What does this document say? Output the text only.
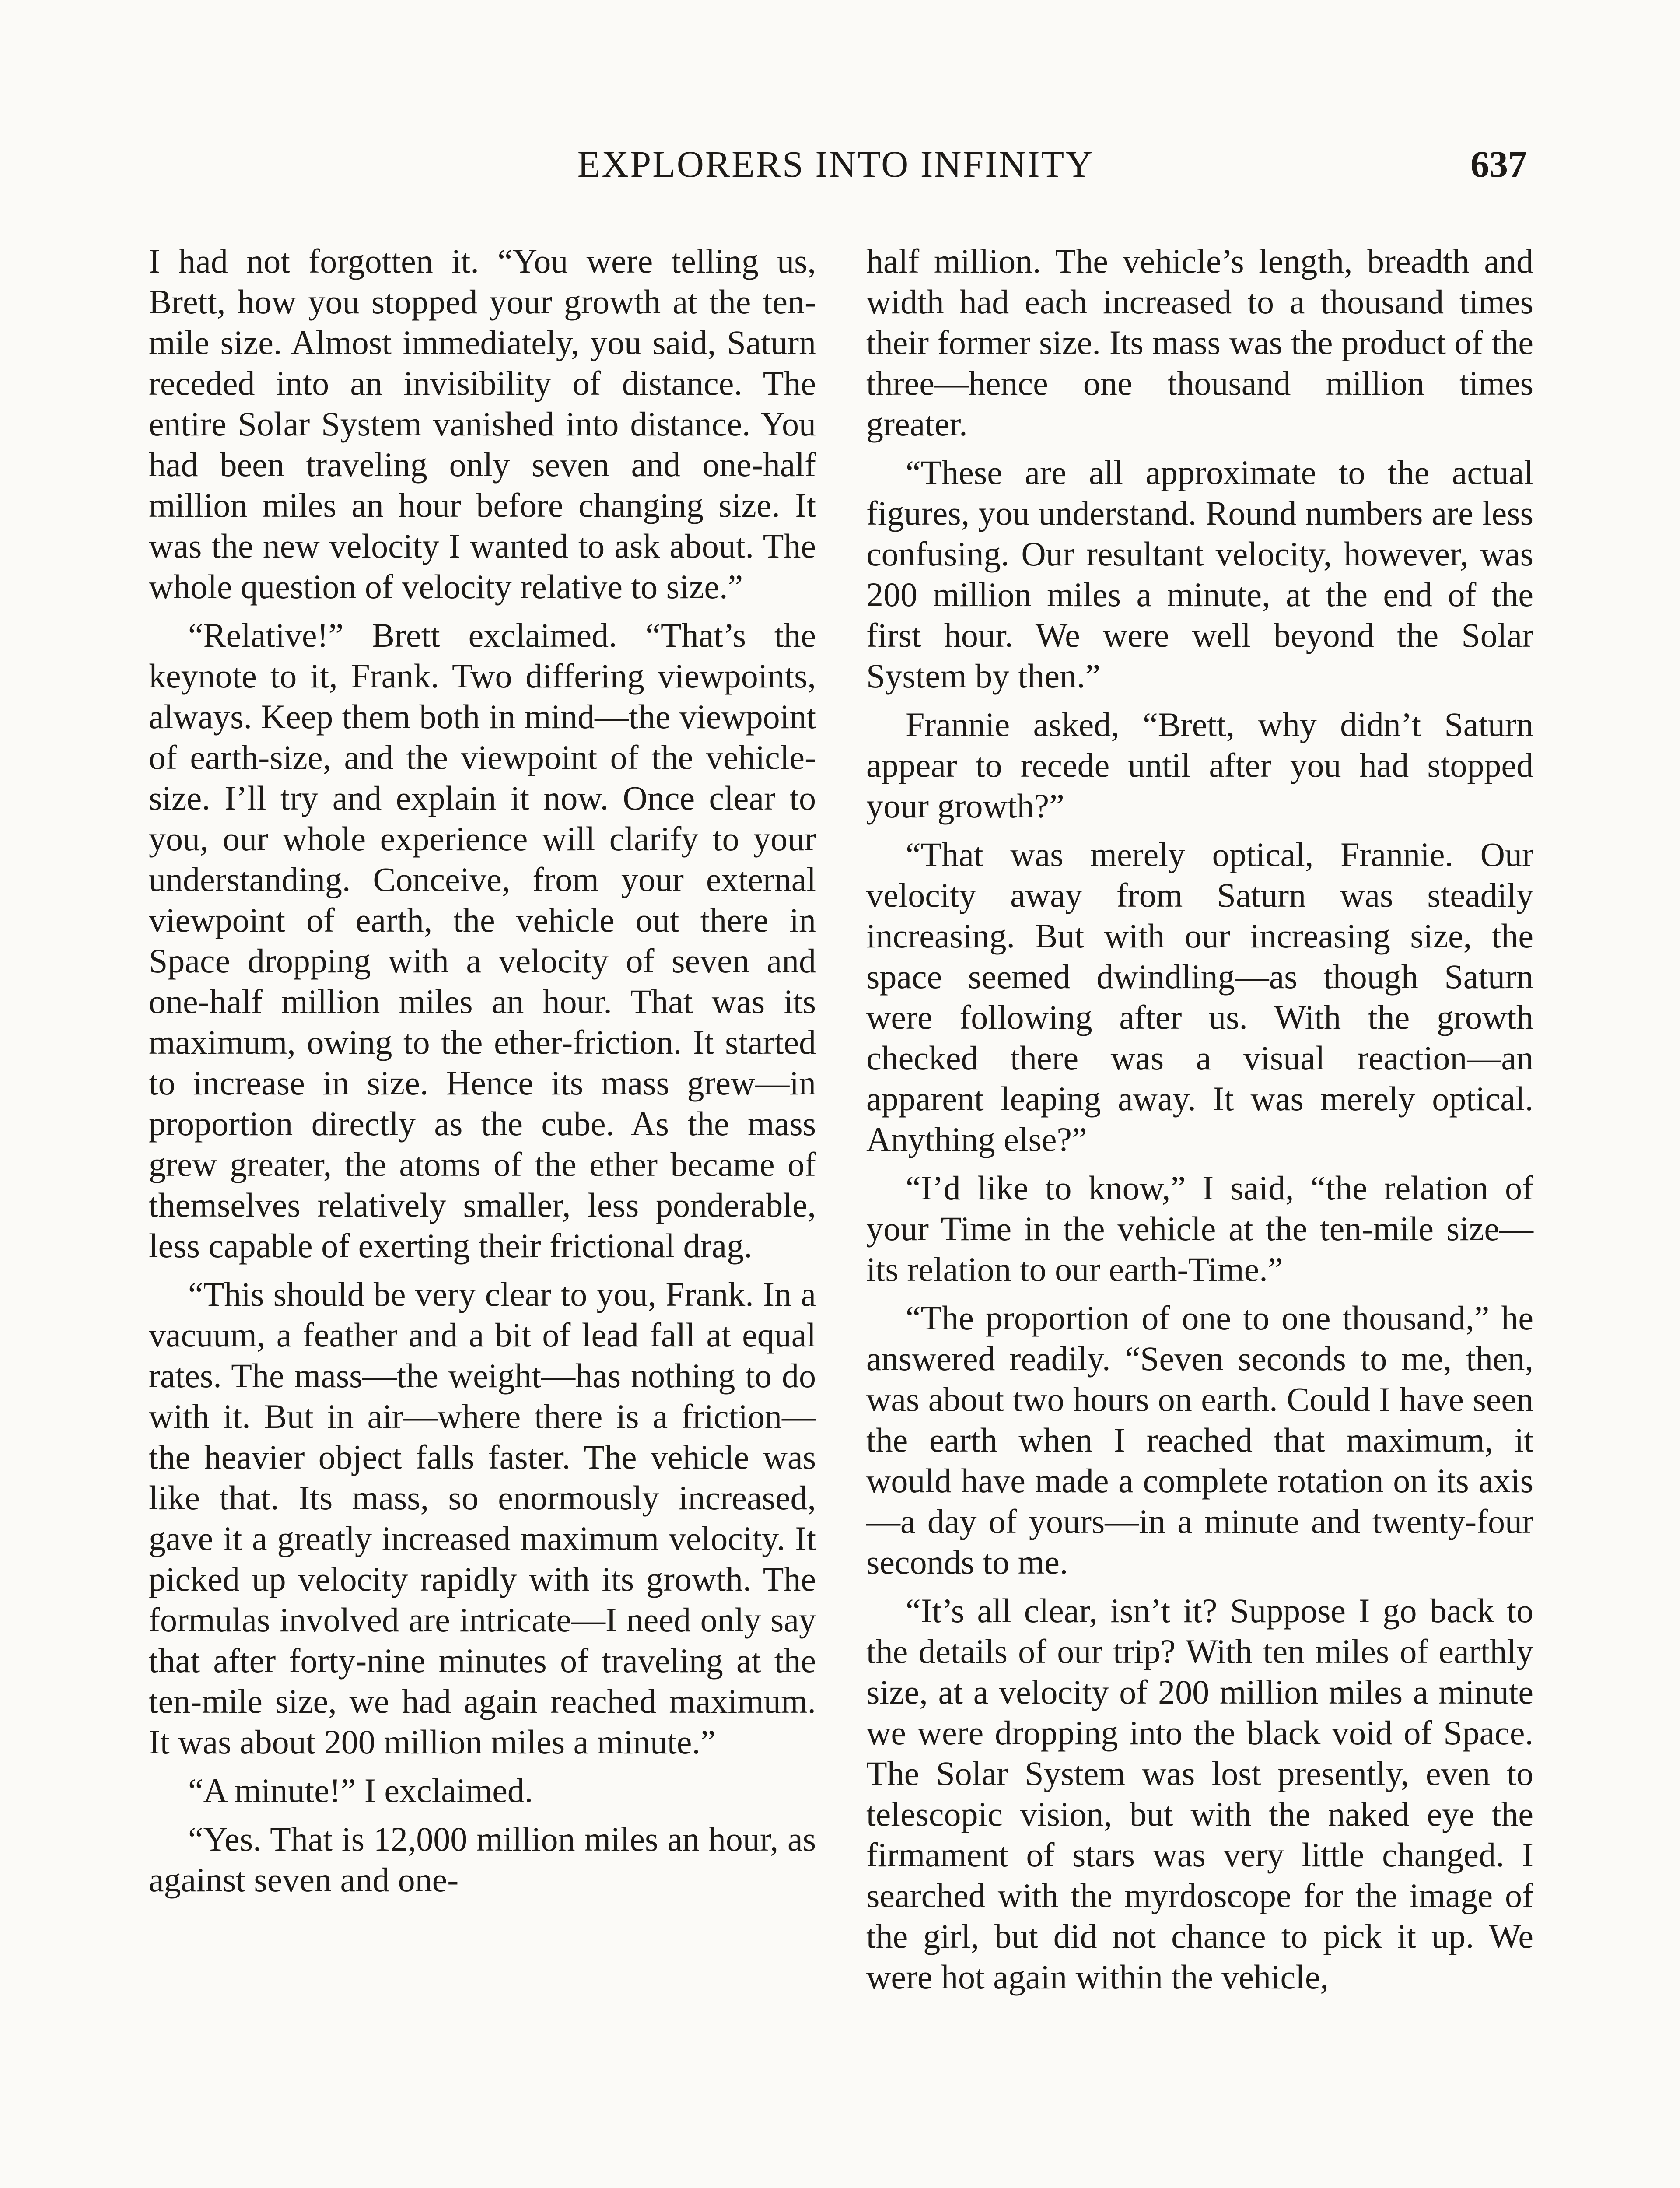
EXPLORERS INTO INFINITY	637

I had not forgotten it. “You were telling us, Brett, how you stopped your growth at the ten-mile size. Almost immediately, you said, Saturn receded into an invisibility of distance. The entire Solar System vanished into distance. You had been traveling only seven and one-half million miles an hour before changing size. It was the new velocity I wanted to ask about. The whole question of velocity relative to size.”

“Relative!” Brett exclaimed. “That’s the keynote to it, Frank. Two differing viewpoints, always. Keep them both in mind—the viewpoint of earth-size, and the viewpoint of the vehicle-size. I’ll try and explain it now. Once clear to you, our whole experience will clarify to your understanding. Conceive, from your external viewpoint of earth, the vehicle out there in Space dropping with a velocity of seven and one-half million miles an hour. That was its maximum, owing to the ether-friction. It started to increase in size. Hence its mass grew—in proportion directly as the cube. As the mass grew greater, the atoms of the ether became of themselves relatively smaller, less ponderable, less capable of exerting their frictional drag.

“This should be very clear to you, Frank. In a vacuum, a feather and a bit of lead fall at equal rates. The mass—the weight—has nothing to do with it. But in air—where there is a friction—the heavier object falls faster. The vehicle was like that. Its mass, so enormously increased, gave it a greatly increased maximum velocity. It picked up velocity rapidly with its growth. The formulas involved are intricate—I need only say that after forty-nine minutes of traveling at the ten-mile size, we had again reached maximum. It was about 200 million miles a minute.”

“A minute!” I exclaimed.

“Yes. That is 12,000 million miles an hour, as against seven and one-

half million. The vehicle’s length, breadth and width had each increased to a thousand times their former size. Its mass was the product of the three—hence one thousand million times greater.

“These are all approximate to the actual figures, you understand. Round numbers are less confusing. Our resultant velocity, however, was 200 million miles a minute, at the end of the first hour. We were well beyond the Solar System by then.”

Frannie asked, “Brett, why didn’t Saturn appear to recede until after you had stopped your growth?”

“That was merely optical, Frannie. Our velocity away from Saturn was steadily increasing. But with our increasing size, the space seemed dwindling—as though Saturn were following after us. With the growth checked there was a visual reaction—an apparent leaping away. It was merely optical. Anything else?”

“I’d like to know,” I said, “the relation of your Time in the vehicle at the ten-mile size—its relation to our earth-Time.”

“The proportion of one to one thousand,” he answered readily. “Seven seconds to me, then, was about two hours on earth. Could I have seen the earth when I reached that maximum, it would have made a complete rotation on its axis—a day of yours—in a minute and twenty-four seconds to me.

“It’s all clear, isn’t it? Suppose I go back to the details of our trip? With ten miles of earthly size, at a velocity of 200 million miles a minute we were dropping into the black void of Space. The Solar System was lost presently, even to telescopic vision, but with the naked eye the firmament of stars was very little changed. I searched with the myrdoscope for the image of the girl, but did not chance to pick it up. We were hot again within the vehicle,
